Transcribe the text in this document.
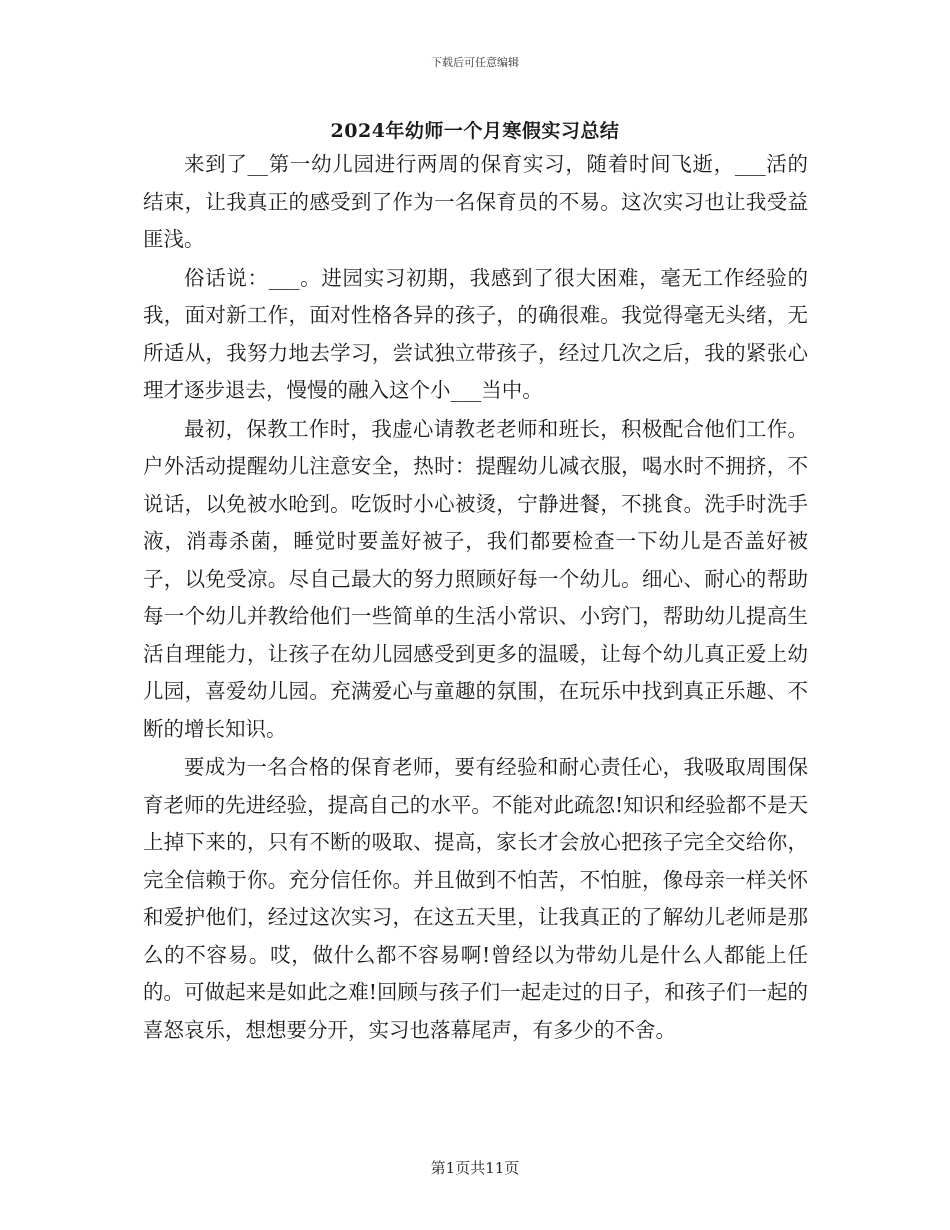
下载后可任意编辑
2024年幼师一个月寒假实习总结

来到了__第一幼儿园进行两周的保育实习，随着时间飞逝，___活的结束，让我真正的感受到了作为一名保育员的不易。这次实习也让我受益匪浅。

俗话说：___。进园实习初期，我感到了很大困难，毫无工作经验的我，面对新工作，面对性格各异的孩子，的确很难。我觉得毫无头绪，无所适从，我努力地去学习，尝试独立带孩子，经过几次之后，我的紧张心理才逐步退去，慢慢的融入这个小___当中。

最初，保教工作时，我虚心请教老老师和班长，积极配合他们工作。户外活动提醒幼儿注意安全，热时：提醒幼儿减衣服，喝水时不拥挤，不说话，以免被水呛到。吃饭时小心被烫，宁静进餐，不挑食。洗手时洗手液，消毒杀菌，睡觉时要盖好被子，我们都要检查一下幼儿是否盖好被子，以免受凉。尽自己最大的努力照顾好每一个幼儿。细心、耐心的帮助每一个幼儿并教给他们一些简单的生活小常识、小窍门，帮助幼儿提高生活自理能力，让孩子在幼儿园感受到更多的温暖，让每个幼儿真正爱上幼儿园，喜爱幼儿园。充满爱心与童趣的氛围，在玩乐中找到真正乐趣、不断的增长知识。

要成为一名合格的保育老师，要有经验和耐心责任心，我吸取周围保育老师的先进经验，提高自己的水平。不能对此疏忽!知识和经验都不是天上掉下来的，只有不断的吸取、提高，家长才会放心把孩子完全交给你，完全信赖于你。充分信任你。并且做到不怕苦，不怕脏，像母亲一样关怀和爱护他们，经过这次实习，在这五天里，让我真正的了解幼儿老师是那么的不容易。哎，做什么都不容易啊!曾经以为带幼儿是什么人都能上任的。可做起来是如此之难!回顾与孩子们一起走过的日子，和孩子们一起的喜怒哀乐，想想要分开，实习也落幕尾声，有多少的不舍。

第1页共11页
